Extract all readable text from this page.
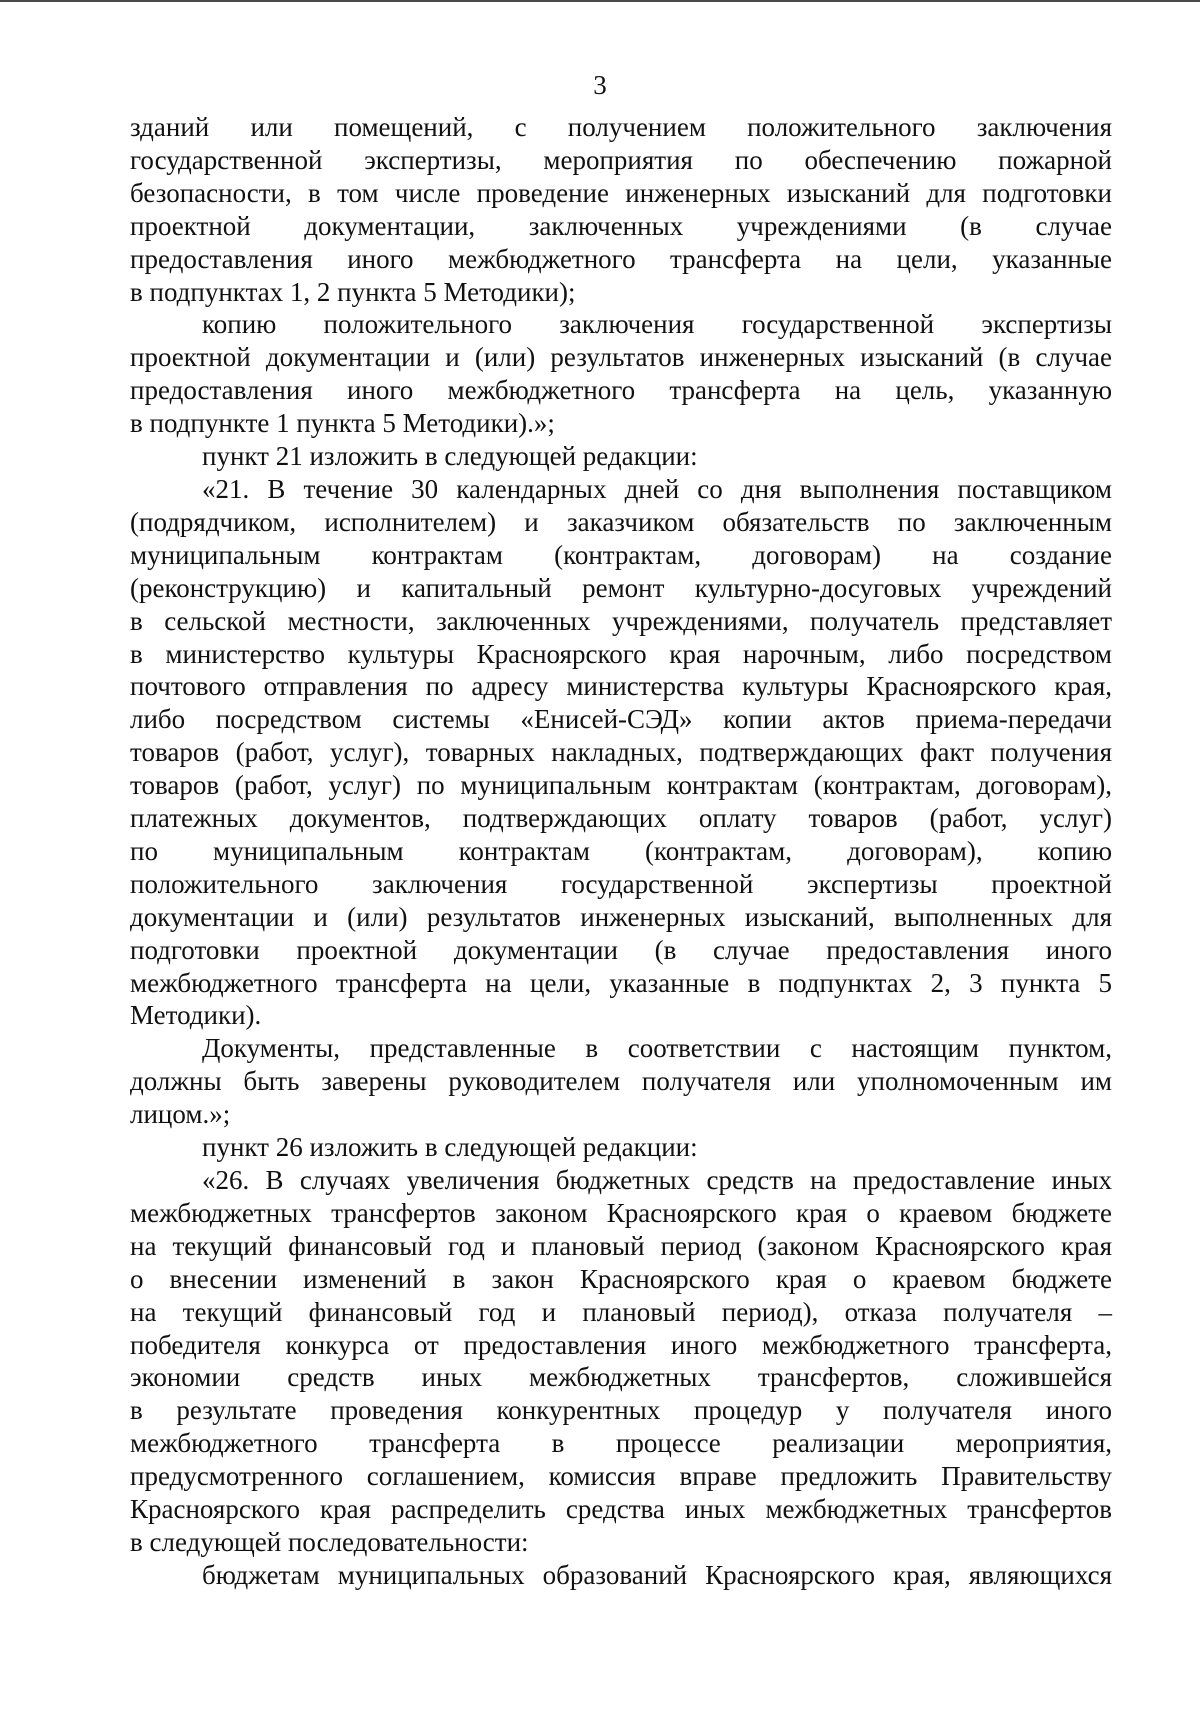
3
зданий или помещений, с получением положительного заключения
государственной экспертизы, мероприятия по обеспечению пожарной
безопасности, в том числе проведение инженерных изысканий для подготовки
проектной документации, заключенных учреждениями (в случае
предоставления иного межбюджетного трансферта на цели, указанные
в подпунктах 1, 2 пункта 5 Методики);
копию положительного заключения государственной экспертизы
проектной документации и (или) результатов инженерных изысканий (в случае
предоставления иного межбюджетного трансферта на цель, указанную
в подпункте 1 пункта 5 Методики).»;
пункт 21 изложить в следующей редакции:
«21. В течение 30 календарных дней со дня выполнения поставщиком
(подрядчиком, исполнителем) и заказчиком обязательств по заключенным
муниципальным контрактам (контрактам, договорам) на создание
(реконструкцию) и капитальный ремонт культурно-досуговых учреждений
в сельской местности, заключенных учреждениями, получатель представляет
в министерство культуры Красноярского края нарочным, либо посредством
почтового отправления по адресу министерства культуры Красноярского края,
либо посредством системы «Енисей-СЭД» копии актов приема-передачи
товаров (работ, услуг), товарных накладных, подтверждающих факт получения
товаров (работ, услуг) по муниципальным контрактам (контрактам, договорам),
платежных документов, подтверждающих оплату товаров (работ, услуг)
по муниципальным контрактам (контрактам, договорам), копию
положительного заключения государственной экспертизы проектной
документации и (или) результатов инженерных изысканий, выполненных для
подготовки проектной документации (в случае предоставления иного
межбюджетного трансферта на цели, указанные в подпунктах 2, 3 пункта 5
Методики).
Документы, представленные в соответствии с настоящим пунктом,
должны быть заверены руководителем получателя или уполномоченным им
лицом.»;
пункт 26 изложить в следующей редакции:
«26. В случаях увеличения бюджетных средств на предоставление иных
межбюджетных трансфертов законом Красноярского края о краевом бюджете
на текущий финансовый год и плановый период (законом Красноярского края
о внесении изменений в закон Красноярского края о краевом бюджете
на текущий финансовый год и плановый период), отказа получателя –
победителя конкурса от предоставления иного межбюджетного трансферта,
экономии средств иных межбюджетных трансфертов, сложившейся
в результате проведения конкурентных процедур у получателя иного
межбюджетного трансферта в процессе реализации мероприятия,
предусмотренного соглашением, комиссия вправе предложить Правительству
Красноярского края распределить средства иных межбюджетных трансфертов
в следующей последовательности:
бюджетам муниципальных образований Красноярского края, являющихся
